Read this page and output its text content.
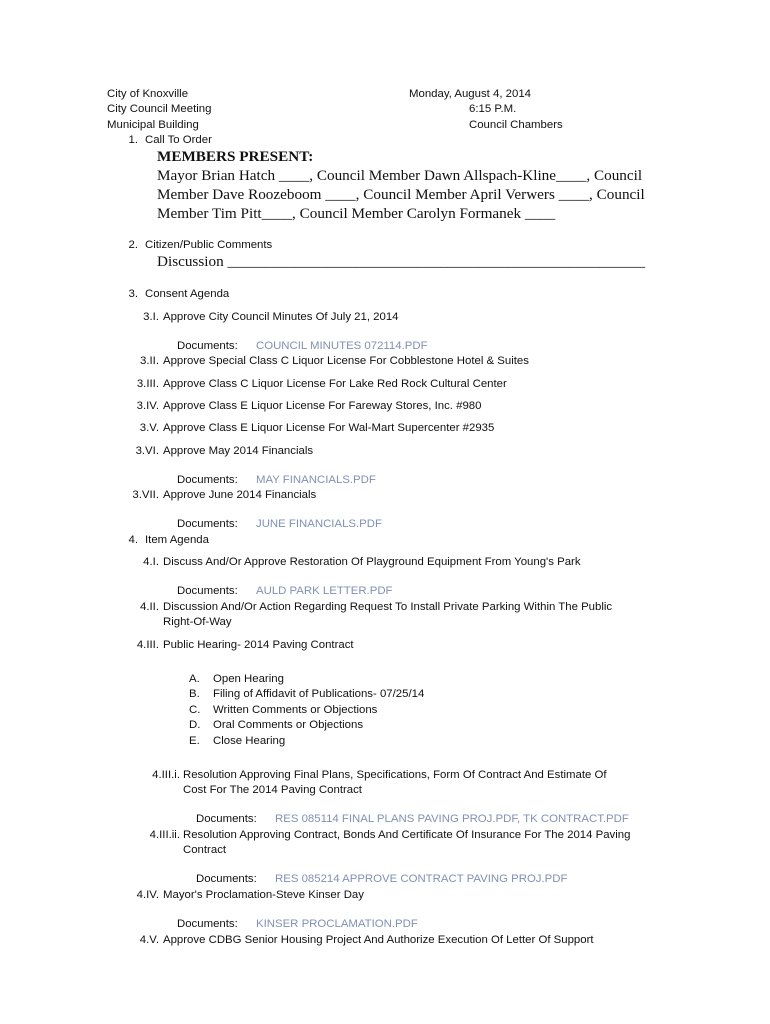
City of Knoxville
City Council Meeting
Municipal Building
Monday, August 4, 2014
6:15 P.M.
Council Chambers
1. Call To Order
MEMBERS PRESENT:
Mayor Brian Hatch ____, Council Member Dawn Allspach-Kline____, Council
Member Dave Roozeboom ____, Council Member April Verwers ____, Council
Member Tim Pitt____, Council Member Carolyn Formanek ____
2. Citizen/Public Comments
Discussion _______________________________________________________
3. Consent Agenda
3.I. Approve City Council Minutes Of July 21, 2014
Documents: COUNCIL MINUTES 072114.PDF
3.II. Approve Special Class C Liquor License For Cobblestone Hotel & Suites
3.III. Approve Class C Liquor License For Lake Red Rock Cultural Center
3.IV. Approve Class E Liquor License For Fareway Stores, Inc. #980
3.V. Approve Class E Liquor License For Wal-Mart Supercenter #2935
3.VI. Approve May 2014 Financials
Documents: MAY FINANCIALS.PDF
3.VII. Approve June 2014 Financials
Documents: JUNE FINANCIALS.PDF
4. Item Agenda
4.I. Discuss And/Or Approve Restoration Of Playground Equipment From Young's Park
Documents: AULD PARK LETTER.PDF
4.II. Discussion And/Or Action Regarding Request To Install Private Parking Within The Public
Right-Of-Way
4.III. Public Hearing- 2014 Paving Contract
A. Open Hearing
B. Filing of Affidavit of Publications- 07/25/14
C. Written Comments or Objections
D. Oral Comments or Objections
E. Close Hearing
4.III.i. Resolution Approving Final Plans, Specifications, Form Of Contract And Estimate Of
Cost For The 2014 Paving Contract
Documents: RES 085114 FINAL PLANS PAVING PROJ.PDF, TK CONTRACT.PDF
4.III.ii. Resolution Approving Contract, Bonds And Certificate Of Insurance For The 2014 Paving
Contract
Documents: RES 085214 APPROVE CONTRACT PAVING PROJ.PDF
4.IV. Mayor's Proclamation-Steve Kinser Day
Documents: KINSER PROCLAMATION.PDF
4.V. Approve CDBG Senior Housing Project And Authorize Execution Of Letter Of Support
